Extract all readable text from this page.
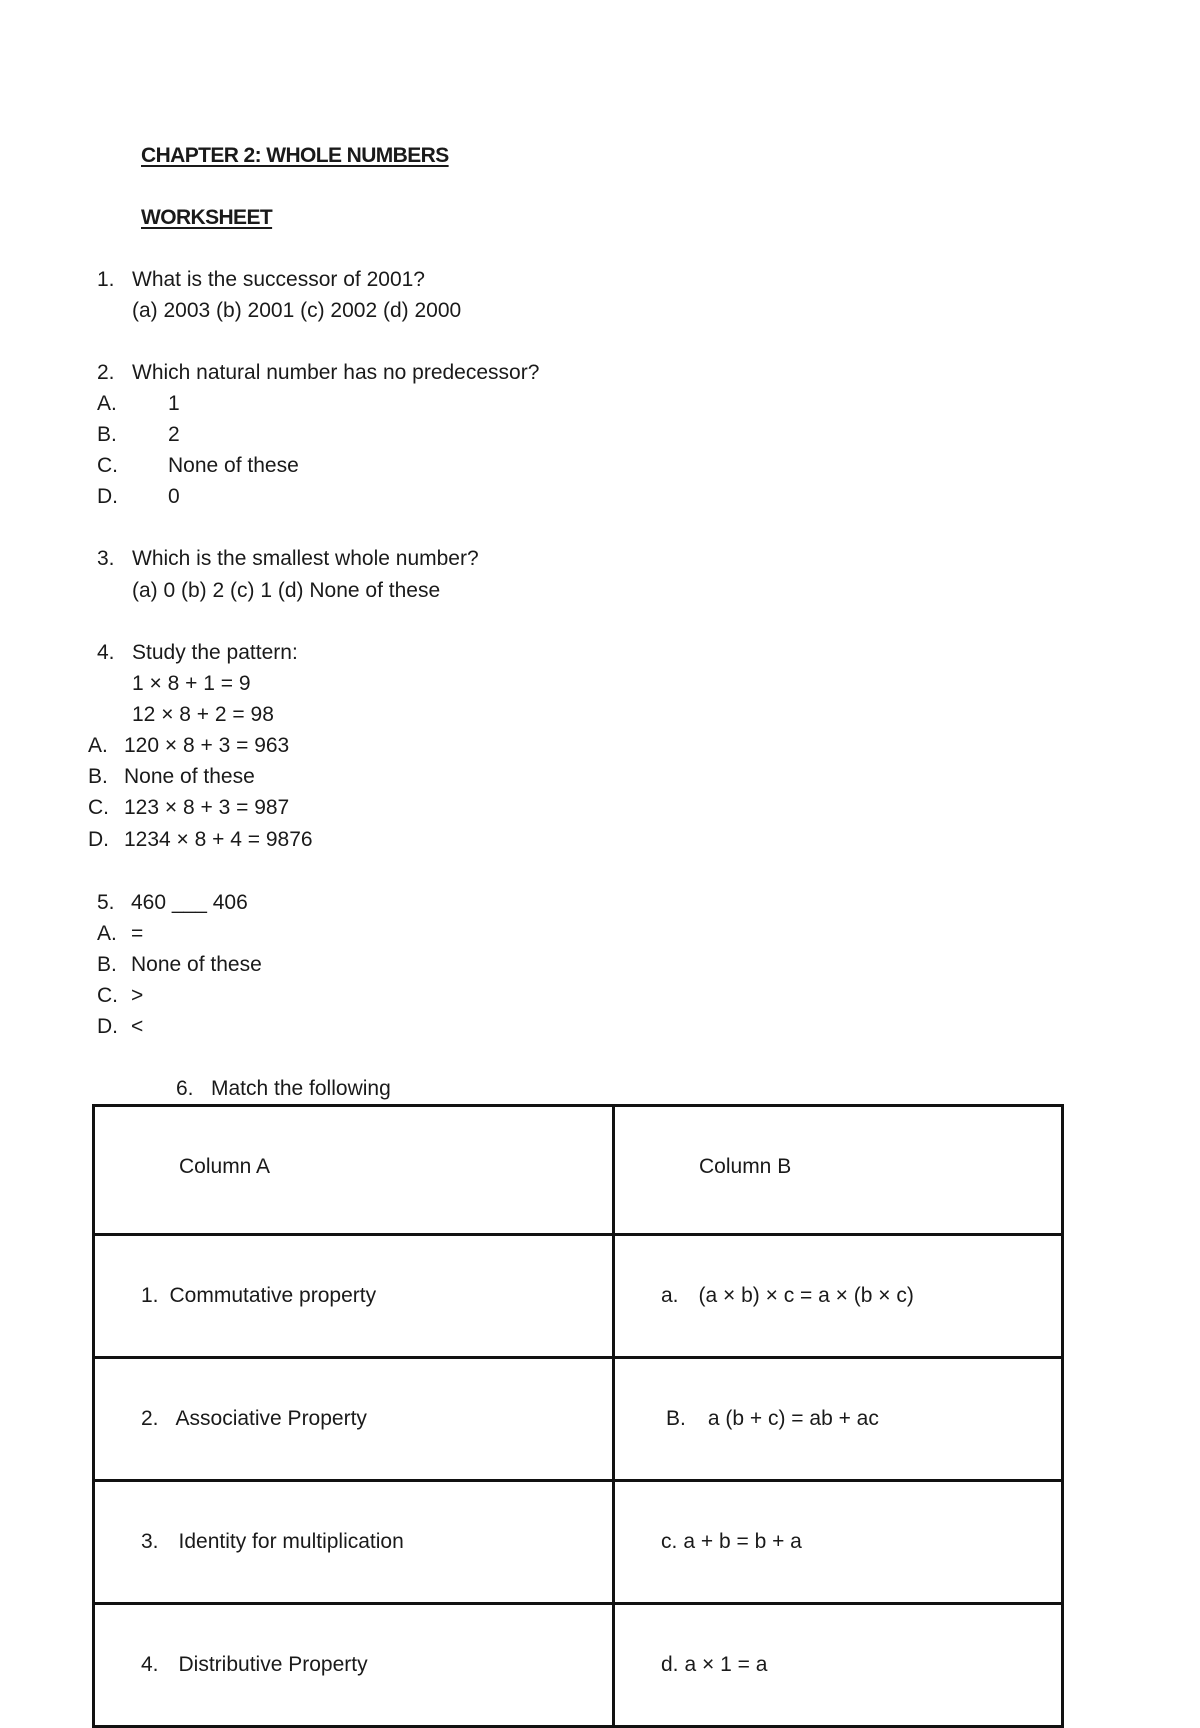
CHAPTER 2: WHOLE NUMBERS
WORKSHEET
1. What is the successor of 2001?
(a) 2003 (b) 2001 (c) 2002 (d) 2000
2. Which natural number has no predecessor?
A. 1
B. 2
C. None of these
D. 0
3. Which is the smallest whole number?
(a) 0 (b) 2 (c) 1 (d) None of these
4. Study the pattern:
1 × 8 + 1 = 9
12 × 8 + 2 = 98
A. 120 × 8 + 3 = 963
B. None of these
C. 123 × 8 + 3 = 987
D. 1234 × 8 + 4 = 9876
5. 460 ___ 406
A. =
B. None of these
C. >
D. <
6. Match the following

Column A	Column B

1. Commutative property	a. (a × b) × c = a × (b × c)

2. Associative Property	B. a (b + c) = ab + ac

3. Identity for multiplication	c. a + b = b + a

4. Distributive Property	d. a × 1 = a
